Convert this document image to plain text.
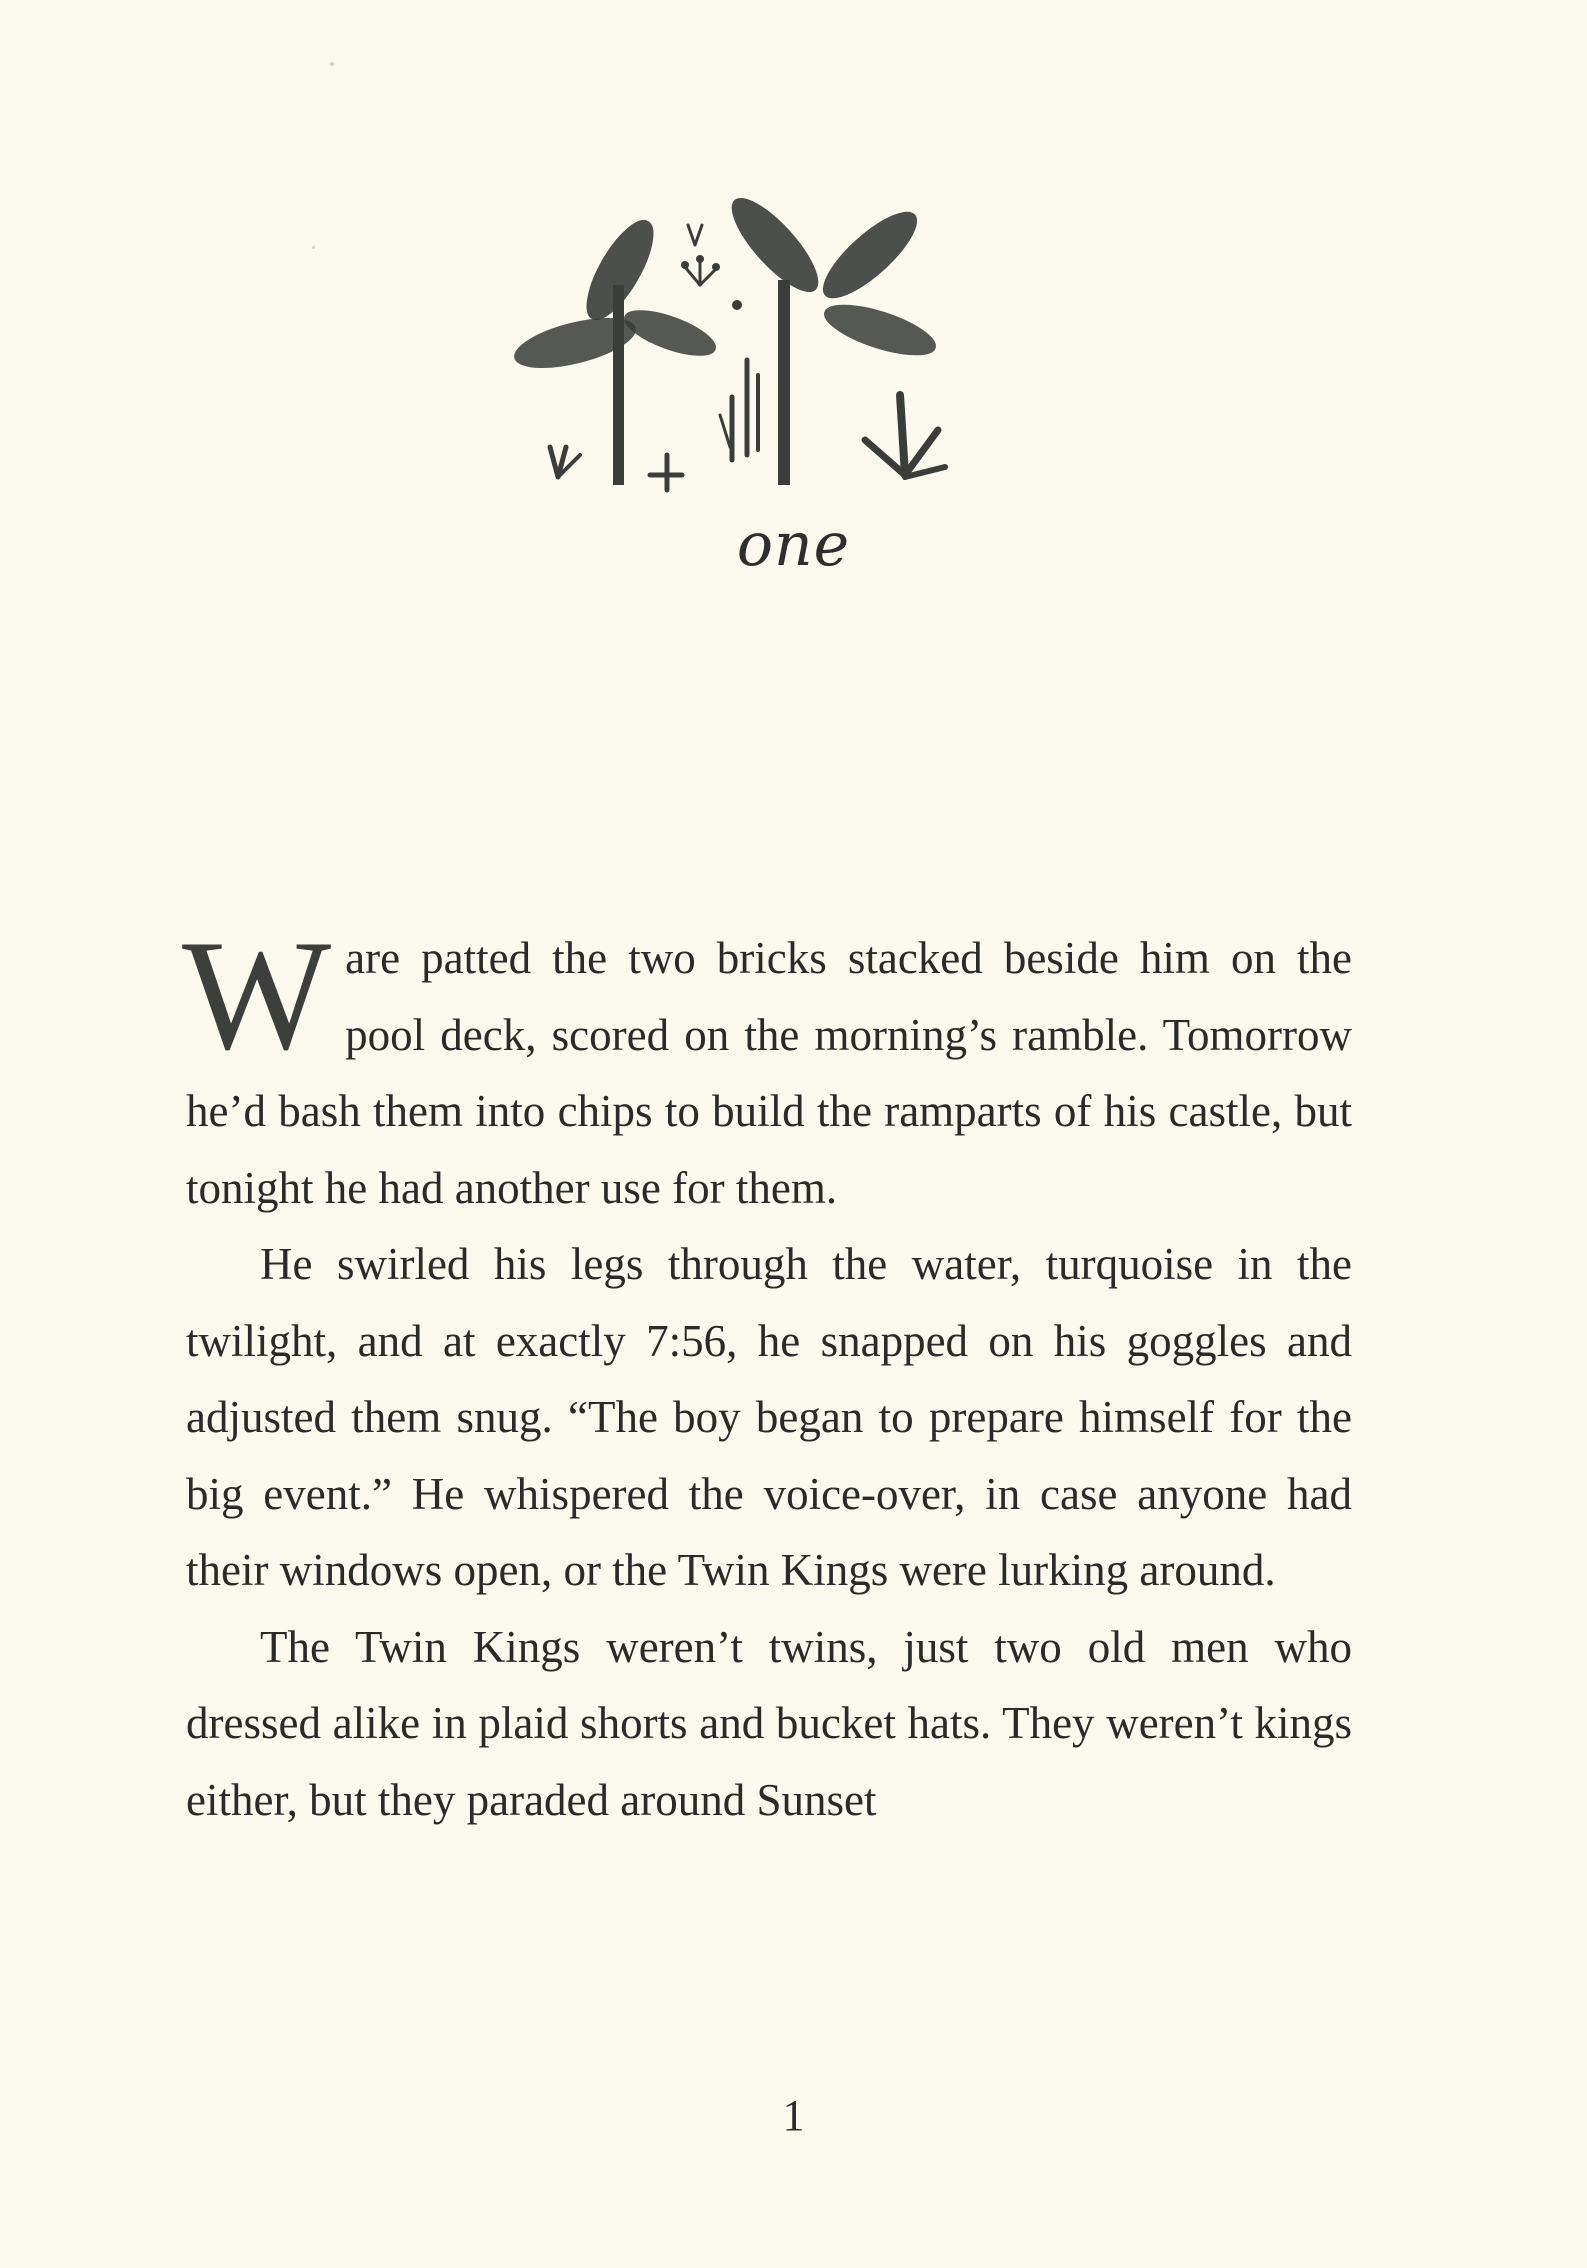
one

Ware patted the two bricks stacked beside him on the pool deck, scored on the morning’s ramble. Tomorrow he’d bash them into chips to build the ramparts of his castle, but tonight he had another use for them.

He swirled his legs through the water, turquoise in the twilight, and at exactly 7:56, he snapped on his goggles and adjusted them snug. “The boy began to prepare himself for the big event.” He whispered the voice-over, in case anyone had their windows open, or the Twin Kings were lurking around.

The Twin Kings weren’t twins, just two old men who dressed alike in plaid shorts and bucket hats. They weren’t kings either, but they paraded around Sunset

1
